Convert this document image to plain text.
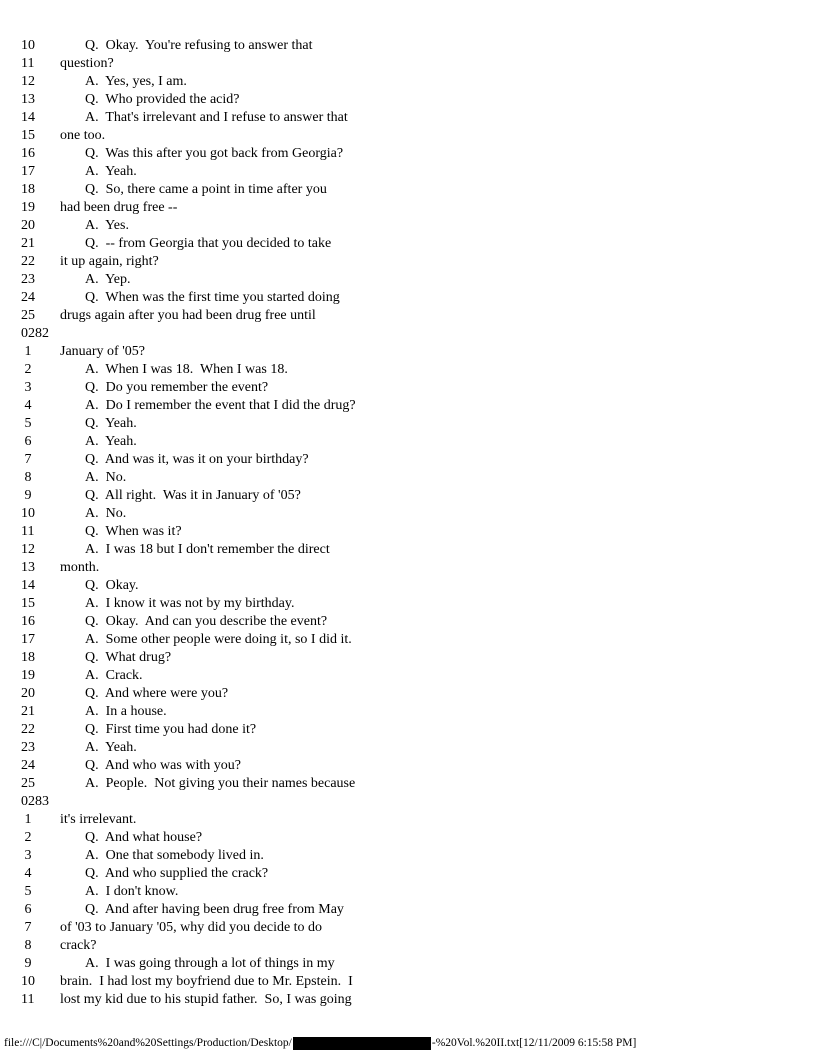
10	Q.  Okay.  You're refusing to answer that
11	question?
12	A.  Yes, yes, I am.
13	Q.  Who provided the acid?
14	A.  That's irrelevant and I refuse to answer that
15	one too.
16	Q.  Was this after you got back from Georgia?
17	A.  Yeah.
18	Q.  So, there came a point in time after you
19	had been drug free --
20	A.  Yes.
21	Q.  -- from Georgia that you decided to take
22	it up again, right?
23	A.  Yep.
24	Q.  When was the first time you started doing
25	drugs again after you had been drug free until
0282
1	January of '05?
2	A.  When I was 18.  When I was 18.
3	Q.  Do you remember the event?
4	A.  Do I remember the event that I did the drug?
5	Q.  Yeah.
6	A.  Yeah.
7	Q.  And was it, was it on your birthday?
8	A.  No.
9	Q.  All right.  Was it in January of '05?
10	A.  No.
11	Q.  When was it?
12	A.  I was 18 but I don't remember the direct
13	month.
14	Q.  Okay.
15	A.  I know it was not by my birthday.
16	Q.  Okay.  And can you describe the event?
17	A.  Some other people were doing it, so I did it.
18	Q.  What drug?
19	A.  Crack.
20	Q.  And where were you?
21	A.  In a house.
22	Q.  First time you had done it?
23	A.  Yeah.
24	Q.  And who was with you?
25	A.  People.  Not giving you their names because
0283
1	it's irrelevant.
2	Q.  And what house?
3	A.  One that somebody lived in.
4	Q.  And who supplied the crack?
5	A.  I don't know.
6	Q.  And after having been drug free from May
7	of '03 to January '05, why did you decide to do
8	crack?
9	A.  I was going through a lot of things in my
10	brain.  I had lost my boyfriend due to Mr. Epstein.  I
11	lost my kid due to his stupid father.  So, I was going
file:///C|/Documents%20and%20Settings/Production/Desktop/	-%20Vol.%20II.txt[12/11/2009 6:15:58 PM]
